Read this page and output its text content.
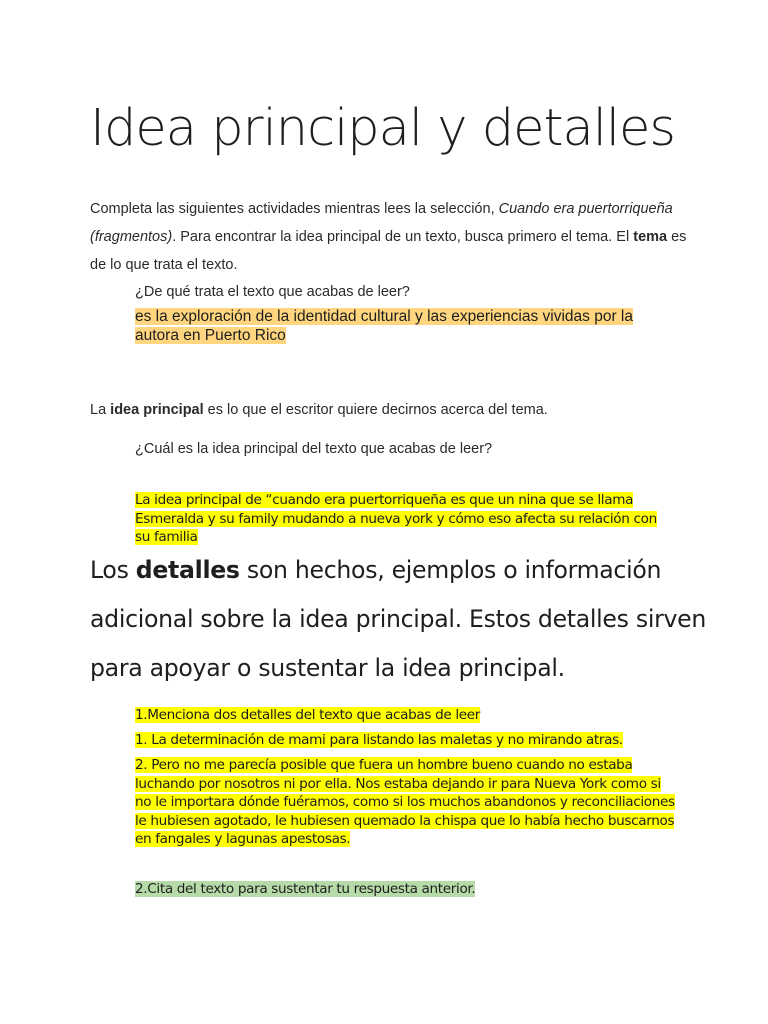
Idea principal y detalles
Completa las siguientes actividades mientras lees la selección, Cuando era puertorriqueña (fragmentos). Para encontrar la idea principal de un texto, busca primero el tema. El tema es de lo que trata el texto.
¿De qué trata el texto que acabas de leer?
es la exploración de la identidad cultural y las experiencias vividas por la autora en Puerto Rico
La idea principal es lo que el escritor quiere decirnos acerca del tema.
¿Cuál es la idea principal del texto que acabas de leer?
La idea principal de “cuando era puertorriqueña es que un nina que se llama Esmeralda y su family mudando a nueva york y cómo eso afecta su relación con su familia
Los detalles son hechos, ejemplos o información adicional sobre la idea principal. Estos detalles sirven para apoyar o sustentar la idea principal.
1.Menciona dos detalles del texto que acabas de leer
1. La determinación de mami para listando las maletas y no mirando atras.
2. Pero no me parecía posible que fuera un hombre bueno cuando no estaba luchando por nosotros ni por ella. Nos estaba dejando ir para Nueva York como si no le importara dónde fuéramos, como si los muchos abandonos y reconciliaciones le hubiesen agotado, le hubiesen quemado la chispa que lo había hecho buscarnos en fangales y lagunas apestosas.
2.Cita del texto para sustentar tu respuesta anterior.
